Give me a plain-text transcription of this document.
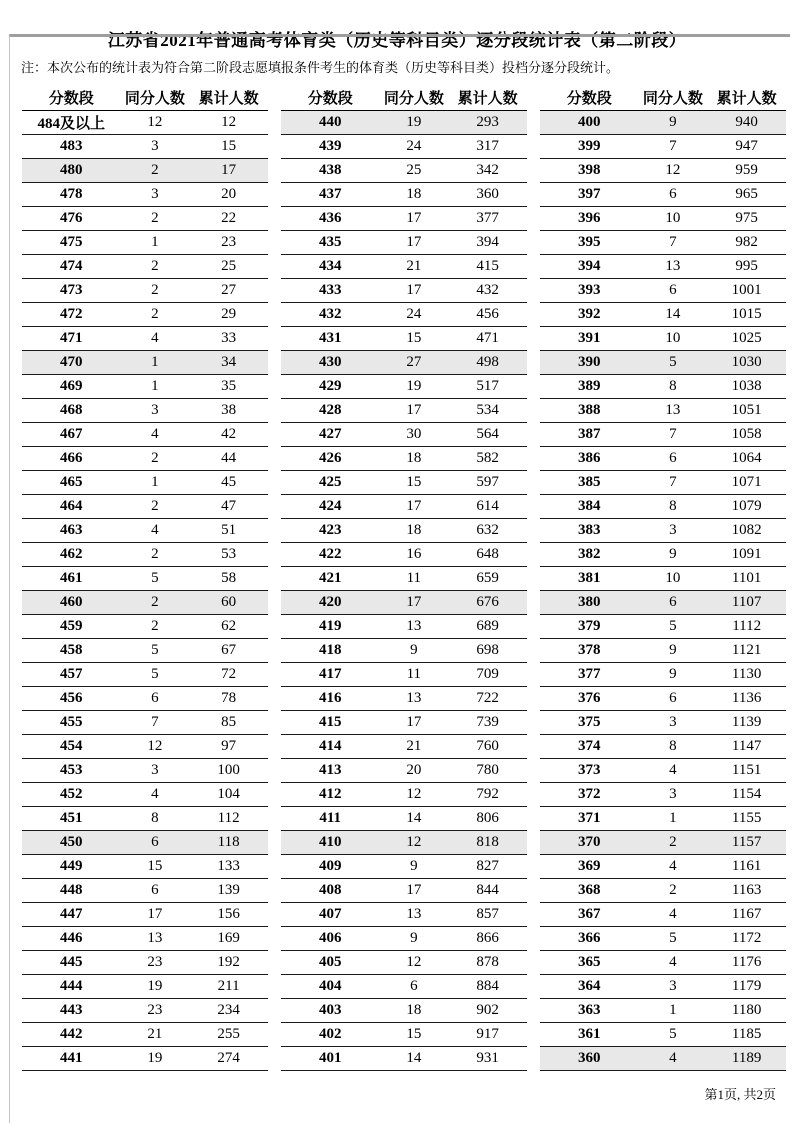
江苏省2021年普通高考体育类（历史等科目类）逐分段统计表（第二阶段）
注：本次公布的统计表为符合第二阶段志愿填报条件考生的体育类（历史等科目类）投档分逐分段统计。
分数段	同分人数	累计人数
484及以上	12	12
483	3	15
480	2	17
478	3	20
476	2	22
475	1	23
474	2	25
473	2	27
472	2	29
471	4	33
470	1	34
469	1	35
468	3	38
467	4	42
466	2	44
465	1	45
464	2	47
463	4	51
462	2	53
461	5	58
460	2	60
459	2	62
458	5	67
457	5	72
456	6	78
455	7	85
454	12	97
453	3	100
452	4	104
451	8	112
450	6	118
449	15	133
448	6	139
447	17	156
446	13	169
445	23	192
444	19	211
443	23	234
442	21	255
441	19	274
分数段	同分人数	累计人数
440	19	293
439	24	317
438	25	342
437	18	360
436	17	377
435	17	394
434	21	415
433	17	432
432	24	456
431	15	471
430	27	498
429	19	517
428	17	534
427	30	564
426	18	582
425	15	597
424	17	614
423	18	632
422	16	648
421	11	659
420	17	676
419	13	689
418	9	698
417	11	709
416	13	722
415	17	739
414	21	760
413	20	780
412	12	792
411	14	806
410	12	818
409	9	827
408	17	844
407	13	857
406	9	866
405	12	878
404	6	884
403	18	902
402	15	917
401	14	931
分数段	同分人数	累计人数
400	9	940
399	7	947
398	12	959
397	6	965
396	10	975
395	7	982
394	13	995
393	6	1001
392	14	1015
391	10	1025
390	5	1030
389	8	1038
388	13	1051
387	7	1058
386	6	1064
385	7	1071
384	8	1079
383	3	1082
382	9	1091
381	10	1101
380	6	1107
379	5	1112
378	9	1121
377	9	1130
376	6	1136
375	3	1139
374	8	1147
373	4	1151
372	3	1154
371	1	1155
370	2	1157
369	4	1161
368	2	1163
367	4	1167
366	5	1172
365	4	1176
364	3	1179
363	1	1180
361	5	1185
360	4	1189
第1页, 共2页
